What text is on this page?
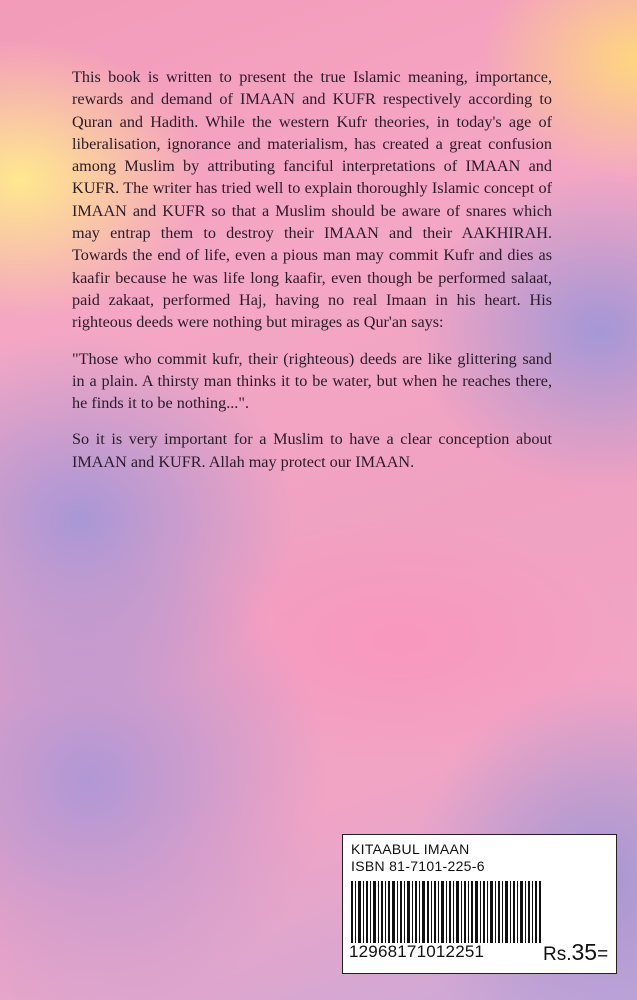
This book is written to present the true Islamic meaning, importance, rewards and demand of IMAAN and KUFR respectively according to Quran and Hadith. While the western Kufr theories, in today's age of liberalisation, ignorance and materialism, has created a great confusion among Muslim by attributing fanciful interpretations of IMAAN and KUFR. The writer has tried well to explain thoroughly Islamic concept of IMAAN and KUFR so that a Muslim should be aware of snares which may entrap them to destroy their IMAAN and their AAKHIRAH. Towards the end of life, even a pious man may commit Kufr and dies as kaafir because he was life long kaafir, even though be performed salaat, paid zakaat, performed Haj, having no real Imaan in his heart. His righteous deeds were nothing but mirages as Qur'an says:

"Those who commit kufr, their (righteous) deeds are like glittering sand in a plain. A thirsty man thinks it to be water, but when he reaches there, he finds it to be nothing...".

So it is very important for a Muslim to have a clear conception about IMAAN and KUFR. Allah may protect our IMAAN.

KITAABUL IMAAN
ISBN 81-7101-225-6
12968171012251	Rs.35=
